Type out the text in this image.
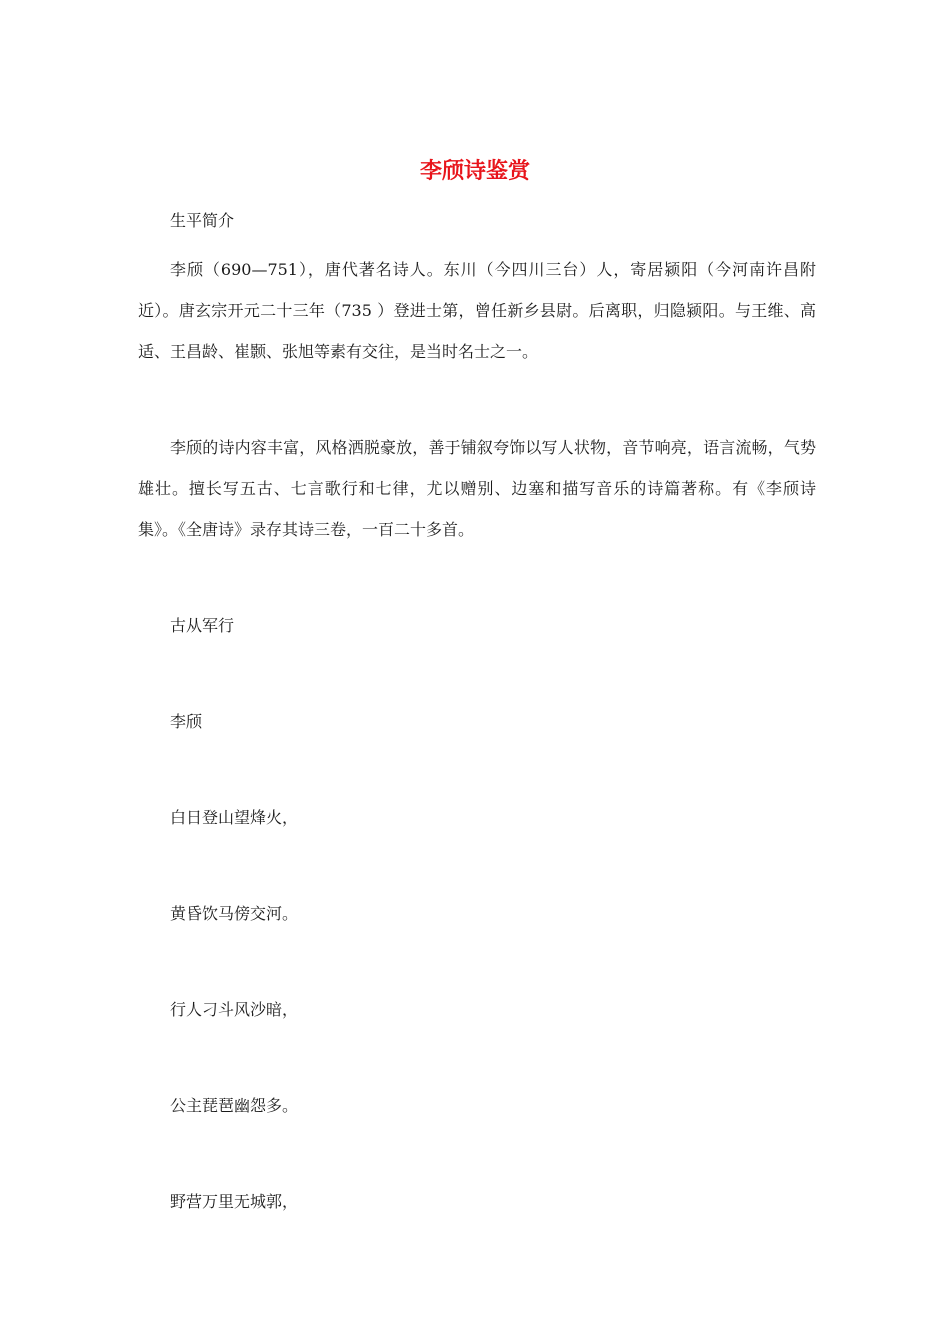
李颀诗鉴赏

生平简介

李颀（690—751），唐代著名诗人。东川（今四川三台）人，寄居颍阳（今河南许昌附近）。唐玄宗开元二十三年（735 ）登进士第，曾任新乡县尉。后离职，归隐颍阳。与王维、高适、王昌龄、崔颢、张旭等素有交往，是当时名士之一。

李颀的诗内容丰富，风格洒脱豪放，善于铺叙夸饰以写人状物，音节响亮，语言流畅，气势雄壮。擅长写五古、七言歌行和七律，尤以赠别、边塞和描写音乐的诗篇著称。有《李颀诗集》。《全唐诗》录存其诗三卷，一百二十多首。

古从军行

李颀

白日登山望烽火，

黄昏饮马傍交河。

行人刁斗风沙暗，

公主琵琶幽怨多。

野营万里无城郭，
